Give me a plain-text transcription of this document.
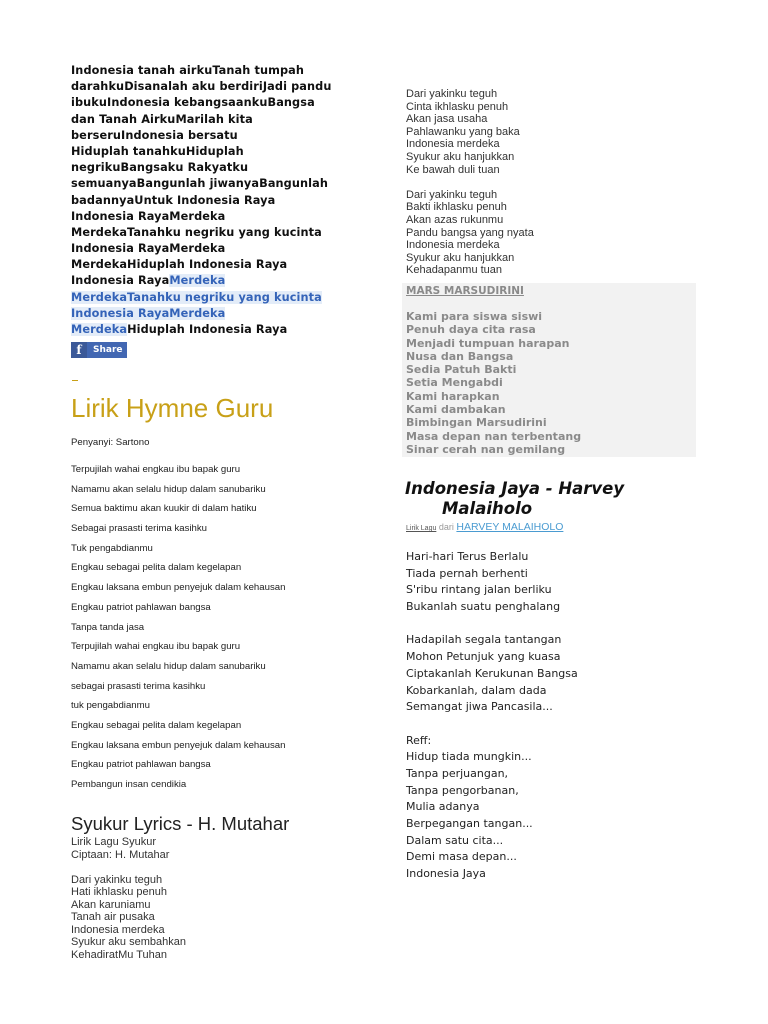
Indonesia tanah airkuTanah tumpah
darahkuDisanalah aku berdiriJadi pandu
ibukuIndonesia kebangsaankuBangsa
dan Tanah AirkuMarilah kita
berseruIndonesia bersatu
Hiduplah tanahkuHiduplah
negrikuBangsaku Rakyatku
semuanyaBangunlah jiwanyaBangunlah
badannyaUntuk Indonesia Raya
Indonesia RayaMerdeka
MerdekaTanahku negriku yang kucinta
Indonesia RayaMerdeka
MerdekaHiduplah Indonesia Raya
Indonesia RayaMerdeka
MerdekaTanahku negriku yang kucinta
Indonesia RayaMerdeka
MerdekaHiduplah Indonesia Raya
f	Share
Lirik Hymne Guru
Penyanyi: Sartono
Terpujilah wahai engkau ibu bapak guru
Namamu akan selalu hidup dalam sanubariku
Semua baktimu akan kuukir di dalam hatiku
Sebagai prasasti terima kasihku
Tuk pengabdianmu
Engkau sebagai pelita dalam kegelapan
Engkau laksana embun penyejuk dalam kehausan
Engkau patriot pahlawan bangsa
Tanpa tanda jasa
Terpujilah wahai engkau ibu bapak guru
Namamu akan selalu hidup dalam sanubariku
sebagai prasasti terima kasihku
tuk pengabdianmu
Engkau sebagai pelita dalam kegelapan
Engkau laksana embun penyejuk dalam kehausan
Engkau patriot pahlawan bangsa
Pembangun insan cendikia
Syukur Lyrics - H. Mutahar
Lirik Lagu Syukur
Ciptaan: H. Mutahar
Dari yakinku teguh
Hati ikhlasku penuh
Akan karuniamu
Tanah air pusaka
Indonesia merdeka
Syukur aku sembahkan
KehadiratMu Tuhan
Dari yakinku teguh
Cinta ikhlasku penuh
Akan jasa usaha
Pahlawanku yang baka
Indonesia merdeka
Syukur aku hanjukkan
Ke bawah duli tuan
Dari yakinku teguh
Bakti ikhlasku penuh
Akan azas rukunmu
Pandu bangsa yang nyata
Indonesia merdeka
Syukur aku hanjukkan
Kehadapanmu tuan
MARS MARSUDIRINI
Kami para siswa siswi
Penuh daya cita rasa
Menjadi tumpuan harapan
Nusa dan Bangsa
Sedia Patuh Bakti
Setia Mengabdi
Kami harapkan
Kami dambakan
Bimbingan Marsudirini
Masa depan nan terbentang
Sinar cerah nan gemilang
Indonesia Jaya - Harvey
Malaiholo
Lirik Lagu dari HARVEY MALAIHOLO
Hari-hari Terus Berlalu
Tiada pernah berhenti
S'ribu rintang jalan berliku
Bukanlah suatu penghalang
Hadapilah segala tantangan
Mohon Petunjuk yang kuasa
Ciptakanlah Kerukunan Bangsa
Kobarkanlah, dalam dada
Semangat jiwa Pancasila...
Reff:
Hidup tiada mungkin...
Tanpa perjuangan,
Tanpa pengorbanan,
Mulia adanya
Berpegangan tangan...
Dalam satu cita...
Demi masa depan...
Indonesia Jaya
